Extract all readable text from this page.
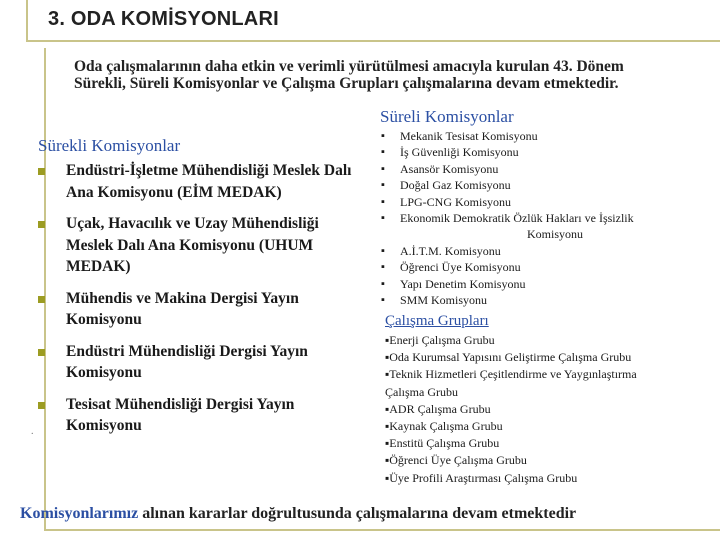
3. ODA KOMİSYONLARI
Oda çalışmalarının daha etkin ve verimli yürütülmesi amacıyla kurulan 43. Dönem Sürekli, Süreli Komisyonlar ve Çalışma Grupları çalışmalarına devam etmektedir.
Süreli Komisyonlar
Sürekli Komisyonlar
Endüstri-İşletme Mühendisliği Meslek Dalı Ana Komisyonu (EİM MEDAK)
Uçak, Havacılık ve Uzay Mühendisliği Meslek Dalı Ana Komisyonu (UHUM MEDAK)
Mühendis ve Makina Dergisi Yayın Komisyonu
Endüstri Mühendisliği Dergisi Yayın Komisyonu
Tesisat Mühendisliği Dergisi Yayın Komisyonu
.
▪ Mekanik Tesisat Komisyonu
▪ İş Güvenliği Komisyonu
▪ Asansör Komisyonu
▪ Doğal Gaz Komisyonu
▪ LPG-CNG Komisyonu
▪ Ekonomik Demokratik Özlük Hakları ve İşsizlik
Komisyonu
▪ A.İ.T.M. Komisyonu
▪ Öğrenci Üye Komisyonu
▪ Yapı Denetim Komisyonu
▪ SMM Komisyonu
Çalışma Grupları
▪Enerji Çalışma Grubu
▪Oda Kurumsal Yapısını Geliştirme Çalışma Grubu
▪Teknik Hizmetleri Çeşitlendirme ve Yaygınlaştırma
Çalışma Grubu
▪ADR Çalışma Grubu
▪Kaynak Çalışma Grubu
▪Enstitü Çalışma Grubu
▪Öğrenci Üye Çalışma Grubu
▪Üye Profili Araştırması Çalışma Grubu
Komisyonlarımız alınan kararlar doğrultusunda çalışmalarına devam etmektedir
